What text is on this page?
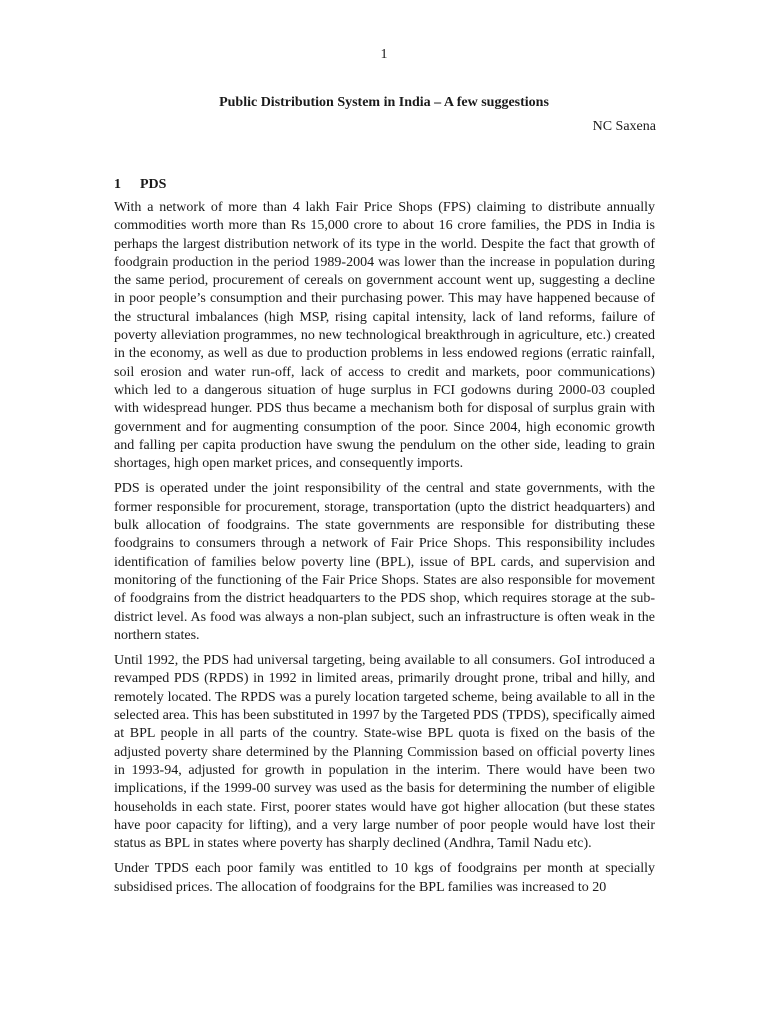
1
Public Distribution System in India – A few suggestions
NC Saxena
1 PDS

With a network of more than 4 lakh Fair Price Shops (FPS) claiming to distribute annually commodities worth more than Rs 15,000 crore to about 16 crore families, the PDS in India is perhaps the largest distribution network of its type in the world. Despite the fact that growth of foodgrain production in the period 1989-2004 was lower than the increase in population during the same period, procurement of cereals on government account went up, suggesting a decline in poor people’s consumption and their purchasing power. This may have happened because of the structural imbalances (high MSP, rising capital intensity, lack of land reforms, failure of poverty alleviation programmes, no new technological breakthrough in agriculture, etc.) created in the economy, as well as due to production problems in less endowed regions (erratic rainfall, soil erosion and water run-off, lack of access to credit and markets, poor communications) which led to a dangerous situation of huge surplus in FCI godowns during 2000-03 coupled with widespread hunger. PDS thus became a mechanism both for disposal of surplus grain with government and for augmenting consumption of the poor. Since 2004, high economic growth and falling per capita production have swung the pendulum on the other side, leading to grain shortages, high open market prices, and consequently imports.

PDS is operated under the joint responsibility of the central and state governments, with the former responsible for procurement, storage, transportation (upto the district headquarters) and bulk allocation of foodgrains. The state governments are responsible for distributing these foodgrains to consumers through a network of Fair Price Shops. This responsibility includes identification of families below poverty line (BPL), issue of BPL cards, and supervision and monitoring of the functioning of the Fair Price Shops. States are also responsible for movement of foodgrains from the district headquarters to the PDS shop, which requires storage at the sub-district level. As food was always a non-plan subject, such an infrastructure is often weak in the northern states.

Until 1992, the PDS had universal targeting, being available to all consumers. GoI introduced a revamped PDS (RPDS) in 1992 in limited areas, primarily drought prone, tribal and hilly, and remotely located. The RPDS was a purely location targeted scheme, being available to all in the selected area. This has been substituted in 1997 by the Targeted PDS (TPDS), specifically aimed at BPL people in all parts of the country. State-wise BPL quota is fixed on the basis of the adjusted poverty share determined by the Planning Commission based on official poverty lines in 1993-94, adjusted for growth in population in the interim. There would have been two implications, if the 1999-00 survey was used as the basis for determining the number of eligible households in each state. First, poorer states would have got higher allocation (but these states have poor capacity for lifting), and a very large number of poor people would have lost their status as BPL in states where poverty has sharply declined (Andhra, Tamil Nadu etc).

Under TPDS each poor family was entitled to 10 kgs of foodgrains per month at specially subsidised prices. The allocation of foodgrains for the BPL families was increased to 20
